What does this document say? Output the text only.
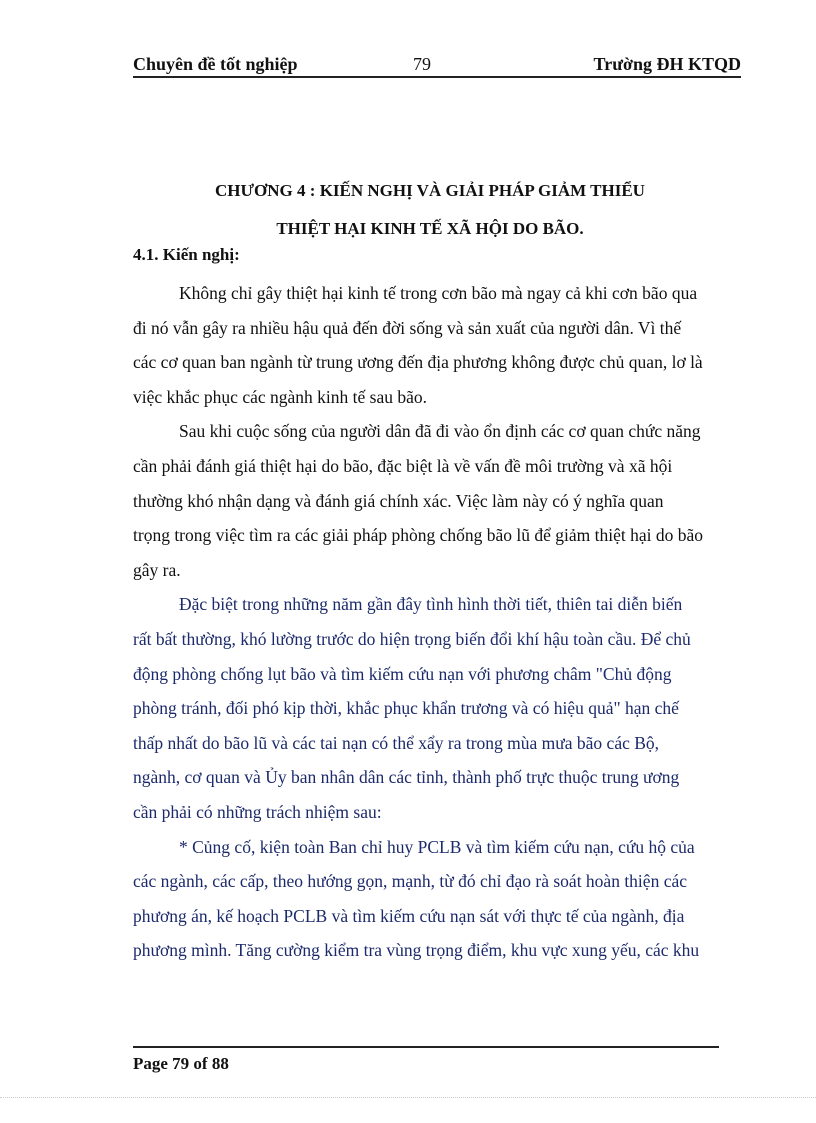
Chuyên đề tốt nghiệp	79	Trường ĐH KTQD
CHƯƠNG 4 : KIẾN NGHỊ VÀ GIẢI PHÁP GIẢM THIỂU
THIỆT HẠI KINH TẾ XÃ HỘI DO BÃO.
4.1. Kiến nghị:
Không chỉ gây thiệt hại kinh tế trong cơn bão mà ngay cả khi cơn bão qua
đi nó vẫn gây ra nhiều hậu quả đến đời sống và sản xuất của người dân. Vì thế
các cơ quan ban ngành từ trung ương đến địa phương không được chủ quan, lơ là
việc khắc phục các ngành kinh tế sau bão.
Sau khi cuộc sống của người dân đã đi vào ổn định các cơ quan chức năng
cần phải đánh giá thiệt hại do bão, đặc biệt là về vấn đề môi trường và xã hội
thường khó nhận dạng và đánh giá chính xác. Việc làm này có ý nghĩa quan
trọng trong việc tìm ra các giải pháp phòng chống bão lũ để giảm thiệt hại do bão
gây ra.
Đặc biệt trong những năm gần đây tình hình thời tiết, thiên tai diễn biến
rất bất thường, khó lường trước do hiện trọng biến đổi khí hậu toàn cầu. Để chủ
động phòng chống lụt bão và tìm kiếm cứu nạn với phương châm "Chủ động
phòng tránh, đối phó kịp thời, khắc phục khẩn trương và có hiệu quả" hạn chế
thấp nhất do bão lũ và các tai nạn có thể xẩy ra trong mùa mưa bão các Bộ,
ngành, cơ quan và Ủy ban nhân dân các tỉnh, thành phố trực thuộc trung ương
cần phải có những trách nhiệm sau:
* Củng cố, kiện toàn Ban chỉ huy PCLB và tìm kiếm cứu nạn, cứu hộ của
các ngành, các cấp, theo hướng gọn, mạnh, từ đó chỉ đạo rà soát hoàn thiện các
phương án, kế hoạch PCLB và tìm kiếm cứu nạn sát với thực tế của ngành, địa
phương mình. Tăng cường kiểm tra vùng trọng điểm, khu vực xung yếu, các khu
Page 79 of 88
